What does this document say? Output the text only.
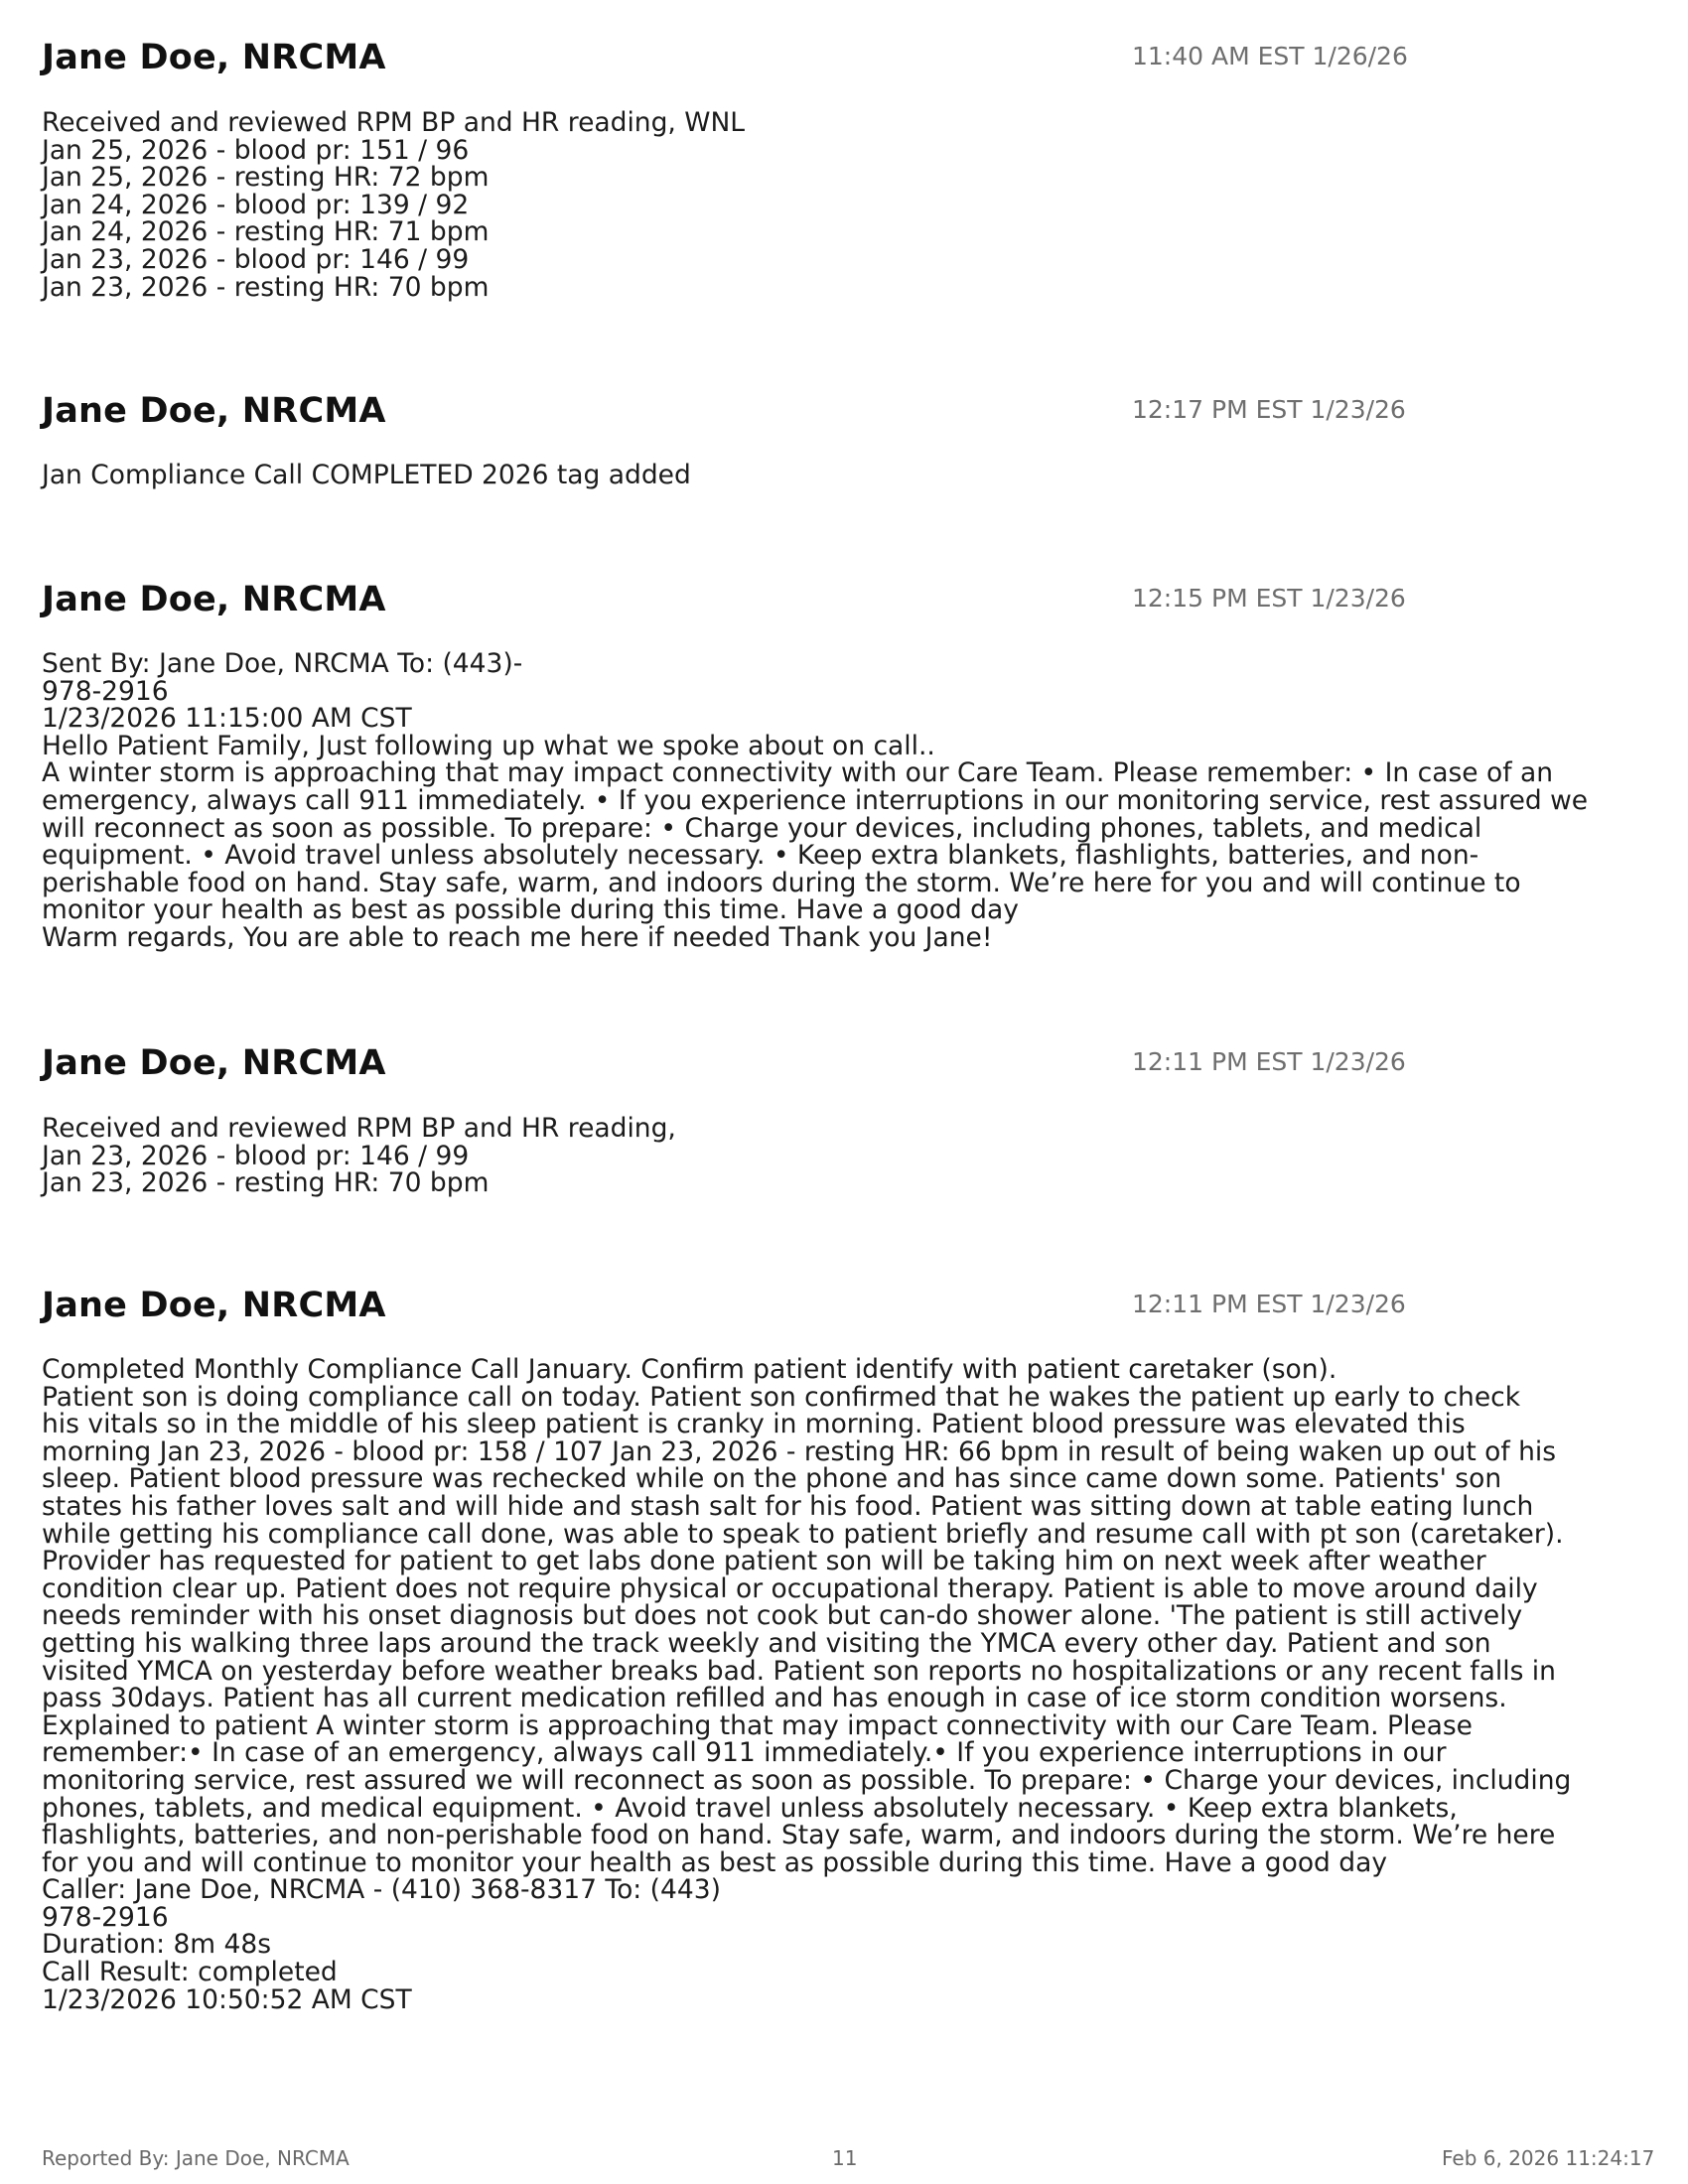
Jane Doe, NRCMA	11:40 AM EST 1/26/26
Received and reviewed RPM BP and HR reading, WNL
Jan 25, 2026 - blood pr: 151 / 96
Jan 25, 2026 - resting HR: 72 bpm
Jan 24, 2026 - blood pr: 139 / 92
Jan 24, 2026 - resting HR: 71 bpm
Jan 23, 2026 - blood pr: 146 / 99
Jan 23, 2026 - resting HR: 70 bpm
Jane Doe, NRCMA	12:17 PM EST 1/23/26
Jan Compliance Call COMPLETED 2026 tag added
Jane Doe, NRCMA	12:15 PM EST 1/23/26
Sent By: Jane Doe, NRCMA To: (443)-
978-2916
1/23/2026 11:15:00 AM CST
Hello Patient Family, Just following up what we spoke about on call..
A winter storm is approaching that may impact connectivity with our Care Team. Please remember: • In case of an
emergency, always call 911 immediately. • If you experience interruptions in our monitoring service, rest assured we
will reconnect as soon as possible. To prepare: • Charge your devices, including phones, tablets, and medical
equipment. • Avoid travel unless absolutely necessary. • Keep extra blankets, flashlights, batteries, and non-
perishable food on hand. Stay safe, warm, and indoors during the storm. We’re here for you and will continue to
monitor your health as best as possible during this time. Have a good day
Warm regards, You are able to reach me here if needed Thank you Jane!
Jane Doe, NRCMA	12:11 PM EST 1/23/26
Received and reviewed RPM BP and HR reading,
Jan 23, 2026 - blood pr: 146 / 99
Jan 23, 2026 - resting HR: 70 bpm
Jane Doe, NRCMA	12:11 PM EST 1/23/26
Completed Monthly Compliance Call January. Confirm patient identify with patient caretaker (son).
Patient son is doing compliance call on today. Patient son confirmed that he wakes the patient up early to check
his vitals so in the middle of his sleep patient is cranky in morning. Patient blood pressure was elevated this
morning Jan 23, 2026 - blood pr: 158 / 107 Jan 23, 2026 - resting HR: 66 bpm in result of being waken up out of his
sleep. Patient blood pressure was rechecked while on the phone and has since came down some. Patients' son
states his father loves salt and will hide and stash salt for his food. Patient was sitting down at table eating lunch
while getting his compliance call done, was able to speak to patient briefly and resume call with pt son (caretaker).
Provider has requested for patient to get labs done patient son will be taking him on next week after weather
condition clear up. Patient does not require physical or occupational therapy. Patient is able to move around daily
needs reminder with his onset diagnosis but does not cook but can-do shower alone. 'The patient is still actively
getting his walking three laps around the track weekly and visiting the YMCA every other day. Patient and son
visited YMCA on yesterday before weather breaks bad. Patient son reports no hospitalizations or any recent falls in
pass 30days. Patient has all current medication refilled and has enough in case of ice storm condition worsens.
Explained to patient A winter storm is approaching that may impact connectivity with our Care Team. Please
remember:• In case of an emergency, always call 911 immediately.• If you experience interruptions in our
monitoring service, rest assured we will reconnect as soon as possible. To prepare: • Charge your devices, including
phones, tablets, and medical equipment. • Avoid travel unless absolutely necessary. • Keep extra blankets,
flashlights, batteries, and non-perishable food on hand. Stay safe, warm, and indoors during the storm. We’re here
for you and will continue to monitor your health as best as possible during this time. Have a good day
Caller: Jane Doe, NRCMA - (410) 368-8317 To: (443)
978-2916
Duration: 8m 48s
Call Result: completed
1/23/2026 10:50:52 AM CST
Reported By: Jane Doe, NRCMA	11	Feb 6, 2026 11:24:17
